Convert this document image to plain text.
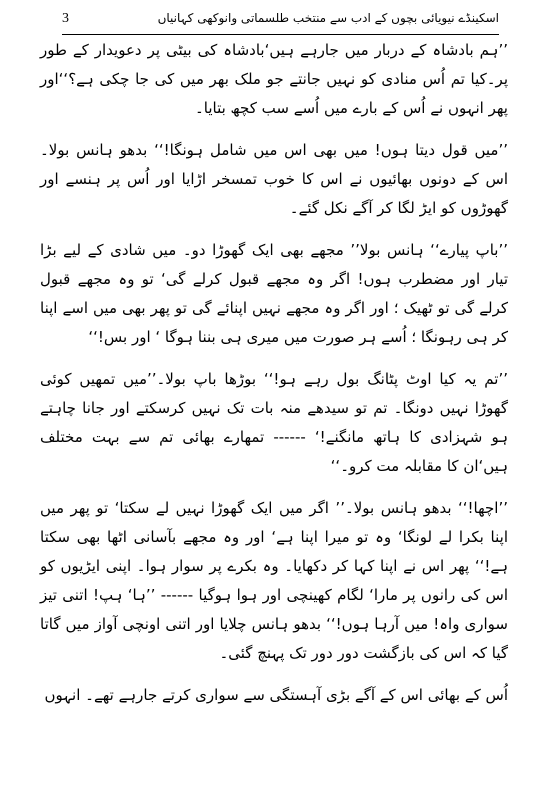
3	اسکینڈے نیویائی بچوں کے ادب سے منتخب طلسماتی وانوکھی کہانیاں

’’ہم بادشاہ کے دربار میں جارہے ہیں‘بادشاہ کی بیٹی پر دعویدار کے طور پر۔کیا تم اُس منادی کو نہیں جانتے جو ملک بھر میں کی جا چکی ہے؟‘‘اور پھر انہوں نے اُس کے بارے میں اُسے سب کچھ بتایا۔

’’میں قول دیتا ہوں! میں بھی اس میں شامل ہونگا!‘‘ بدھو ہانس بولا۔ اس کے دونوں بھائیوں نے اس کا خوب تمسخر اڑایا اور اُس پر ہنسے اور گھوڑوں کو ایڑ لگا کر آگے نکل گئے۔

’’باپ پیارے‘‘ ہانس بولا’’ مجھے بھی ایک گھوڑا دو۔ میں شادی کے لیے بڑا تیار اور مضطرب ہوں! اگر وہ مجھے قبول کرلے گی‘ تو وہ مجھے قبول کرلے گی تو ٹھیک ؛ اور اگر وہ مجھے نہیں اپنائے گی تو پھر بھی میں اسے اپنا کر ہی رہونگا ؛ اُسے ہر صورت میں میری ہی بننا ہوگا ‘ اور بس!‘‘

’’تم یہ کیا اوٹ پٹانگ بول رہے ہو!‘‘ بوڑھا باپ بولا۔’’میں تمھیں کوئی گھوڑا نہیں دونگا۔ تم تو سیدھے منہ بات تک نہیں کرسکتے اور جانا چاہتے ہو شہزادی کا ہاتھ مانگنے!‘ ------ تمھارے بھائی تم سے بہت مختلف ہیں‘ان کا مقابلہ مت کرو۔‘‘

’’اچھا!‘‘ بدھو ہانس بولا۔’’ اگر میں ایک گھوڑا نہیں لے سکتا‘ تو پھر میں اپنا بکرا لے لونگا‘ وہ تو میرا اپنا ہے‘ اور وہ مجھے بآسانی اٹھا بھی سکتا ہے!‘‘ پھر اس نے اپنا کہا کر دکھایا۔ وہ بکرے پر سوار ہوا۔ اپنی ایڑیوں کو اس کی رانوں پر مارا‘ لگام کھینچی اور ہوا ہوگیا ------ ’’ہا‘ ہپ! اتنی تیز سواری واہ! میں آرہا ہوں!‘‘ بدھو ہانس چلایا اور اتنی اونچی آواز میں گاتا گیا کہ اس کی بازگشت دور دور تک پہنچ گئی۔

اُس کے بھائی اس کے آگے بڑی آہستگی سے سواری کرتے جارہے تھے۔ انہوں
